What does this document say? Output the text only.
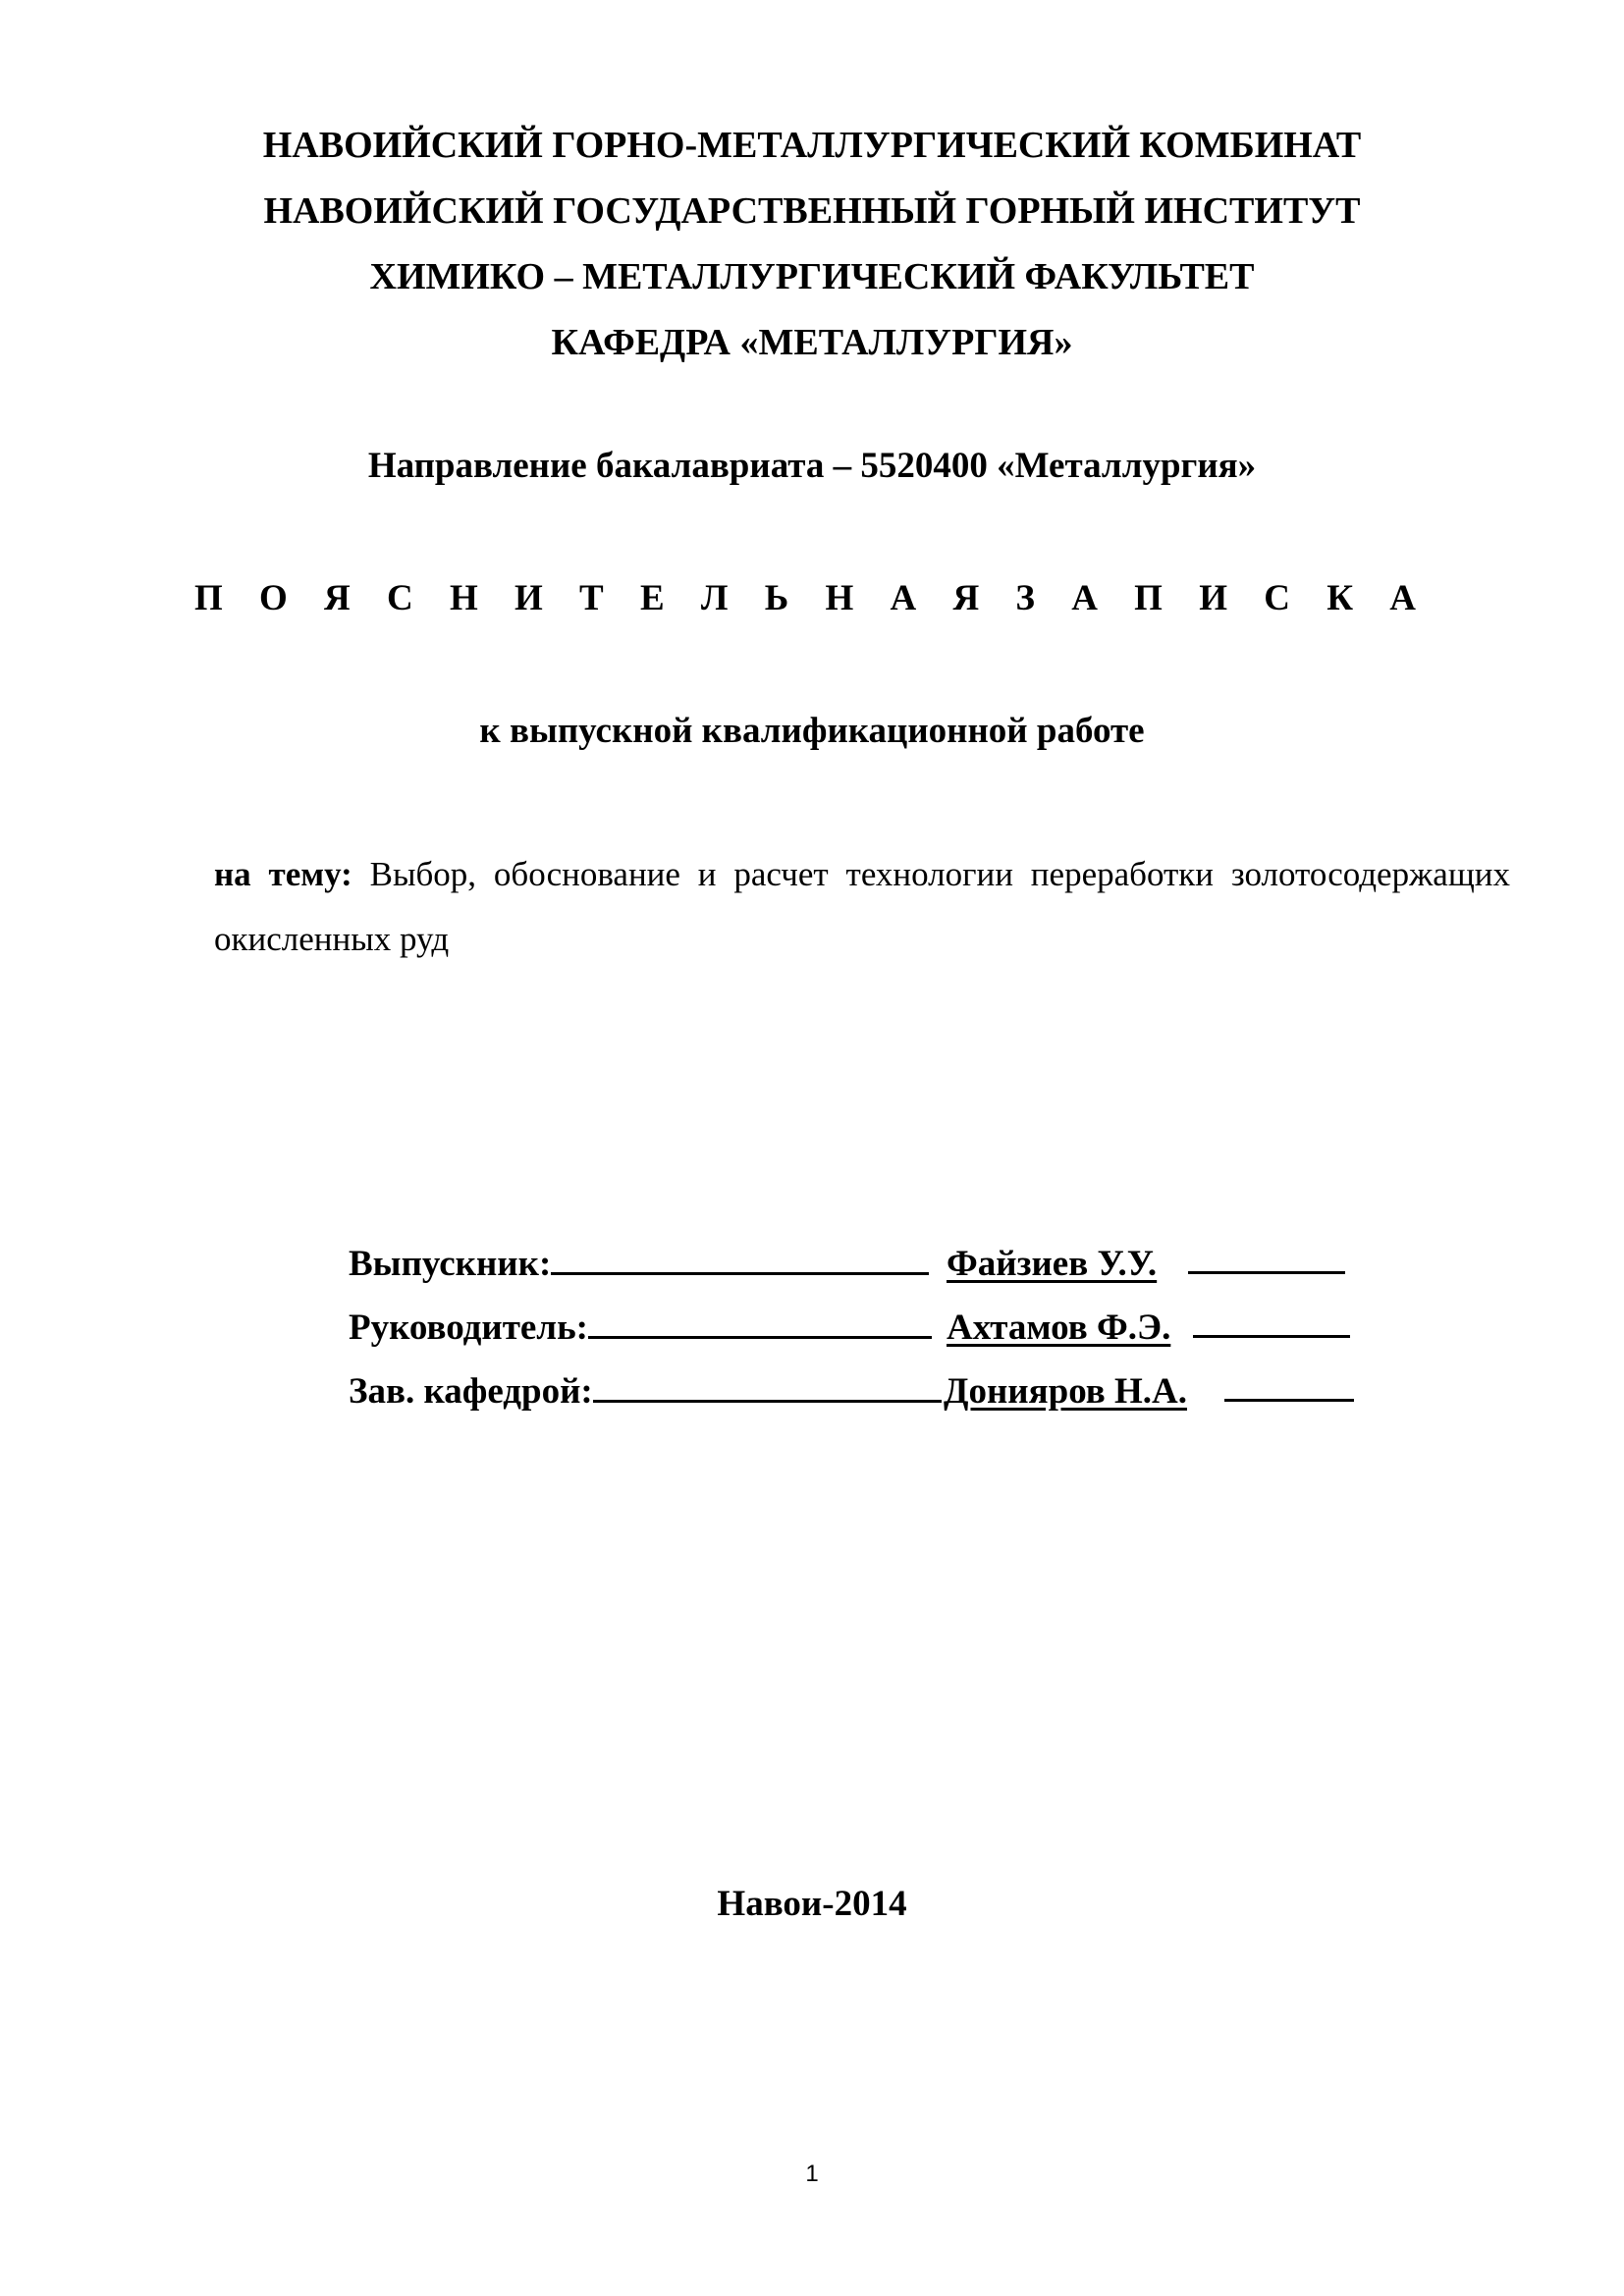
НАВОИЙСКИЙ ГОРНО-МЕТАЛЛУРГИЧЕСКИЙ КОМБИНАТ
НАВОИЙСКИЙ ГОСУДАРСТВЕННЫЙ ГОРНЫЙ ИНСТИТУТ
ХИМИКО – МЕТАЛЛУРГИЧЕСКИЙ ФАКУЛЬТЕТ
КАФЕДРА «МЕТАЛЛУРГИЯ»
Направление бакалавриата – 5520400 «Металлургия»
П О Я С Н И Т Е Л Ь Н А Я З А П И С К А
к выпускной квалификационной работе
на тему: Выбор, обоснование и расчет технологии переработки золотосодержащих окисленных руд
Выпускник:	Файзиев У.У.
Руководитель:	Ахтамов Ф.Э.
Зав. кафедрой:	Донияров Н.А.
Навои-2014
1
